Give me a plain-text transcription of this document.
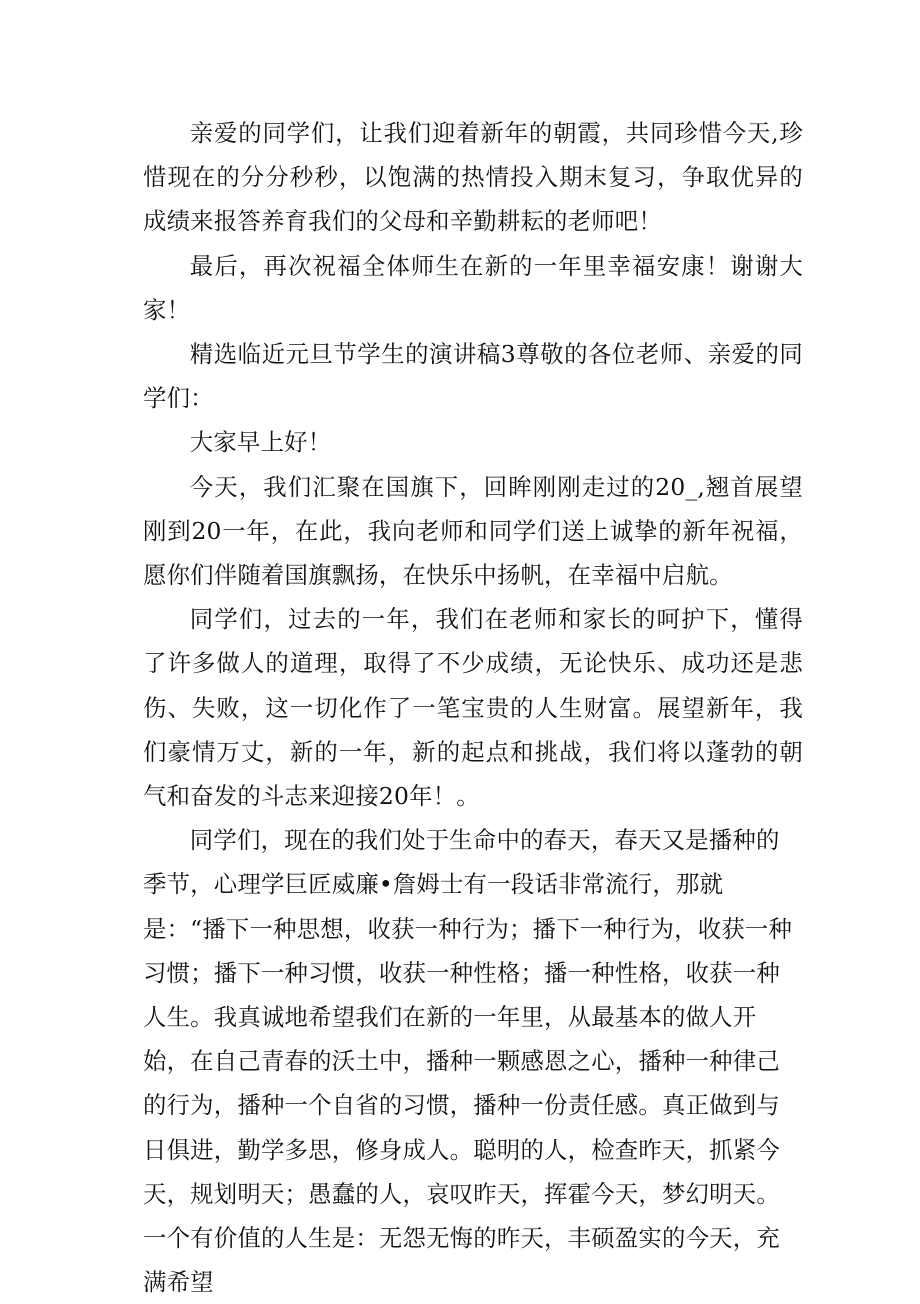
亲爱的同学们，让我们迎着新年的朝霞，共同珍惜今天,珍惜现在的分分秒秒，以饱满的热情投入期末复习，争取优异的成绩来报答养育我们的父母和辛勤耕耘的老师吧！

最后，再次祝福全体师生在新的一年里幸福安康！谢谢大家！

精选临近元旦节学生的演讲稿3尊敬的各位老师、亲爱的同学们：

大家早上好！

今天，我们汇聚在国旗下，回眸刚刚走过的20_,翘首展望刚到20一年，在此，我向老师和同学们送上诚挚的新年祝福，愿你们伴随着国旗飘扬，在快乐中扬帆，在幸福中启航。

同学们，过去的一年，我们在老师和家长的呵护下，懂得了许多做人的道理，取得了不少成绩，无论快乐、成功还是悲伤、失败，这一切化作了一笔宝贵的人生财富。展望新年，我们豪情万丈，新的一年，新的起点和挑战，我们将以蓬勃的朝气和奋发的斗志来迎接20年！。

同学们，现在的我们处于生命中的春天，春天又是播种的季节，心理学巨匠威廉•詹姆士有一段话非常流行，那就是：“播下一种思想，收获一种行为；播下一种行为，收获一种习惯；播下一种习惯，收获一种性格；播一种性格，收获一种人生。我真诚地希望我们在新的一年里，从最基本的做人开始，在自己青春的沃土中，播种一颗感恩之心，播种一种律己的行为，播种一个自省的习惯，播种一份责任感。真正做到与日俱进，勤学多思，修身成人。聪明的人，检查昨天，抓紧今天，规划明天；愚蠢的人，哀叹昨天，挥霍今天，梦幻明天。一个有价值的人生是：无怨无悔的昨天，丰硕盈实的今天，充满希望
